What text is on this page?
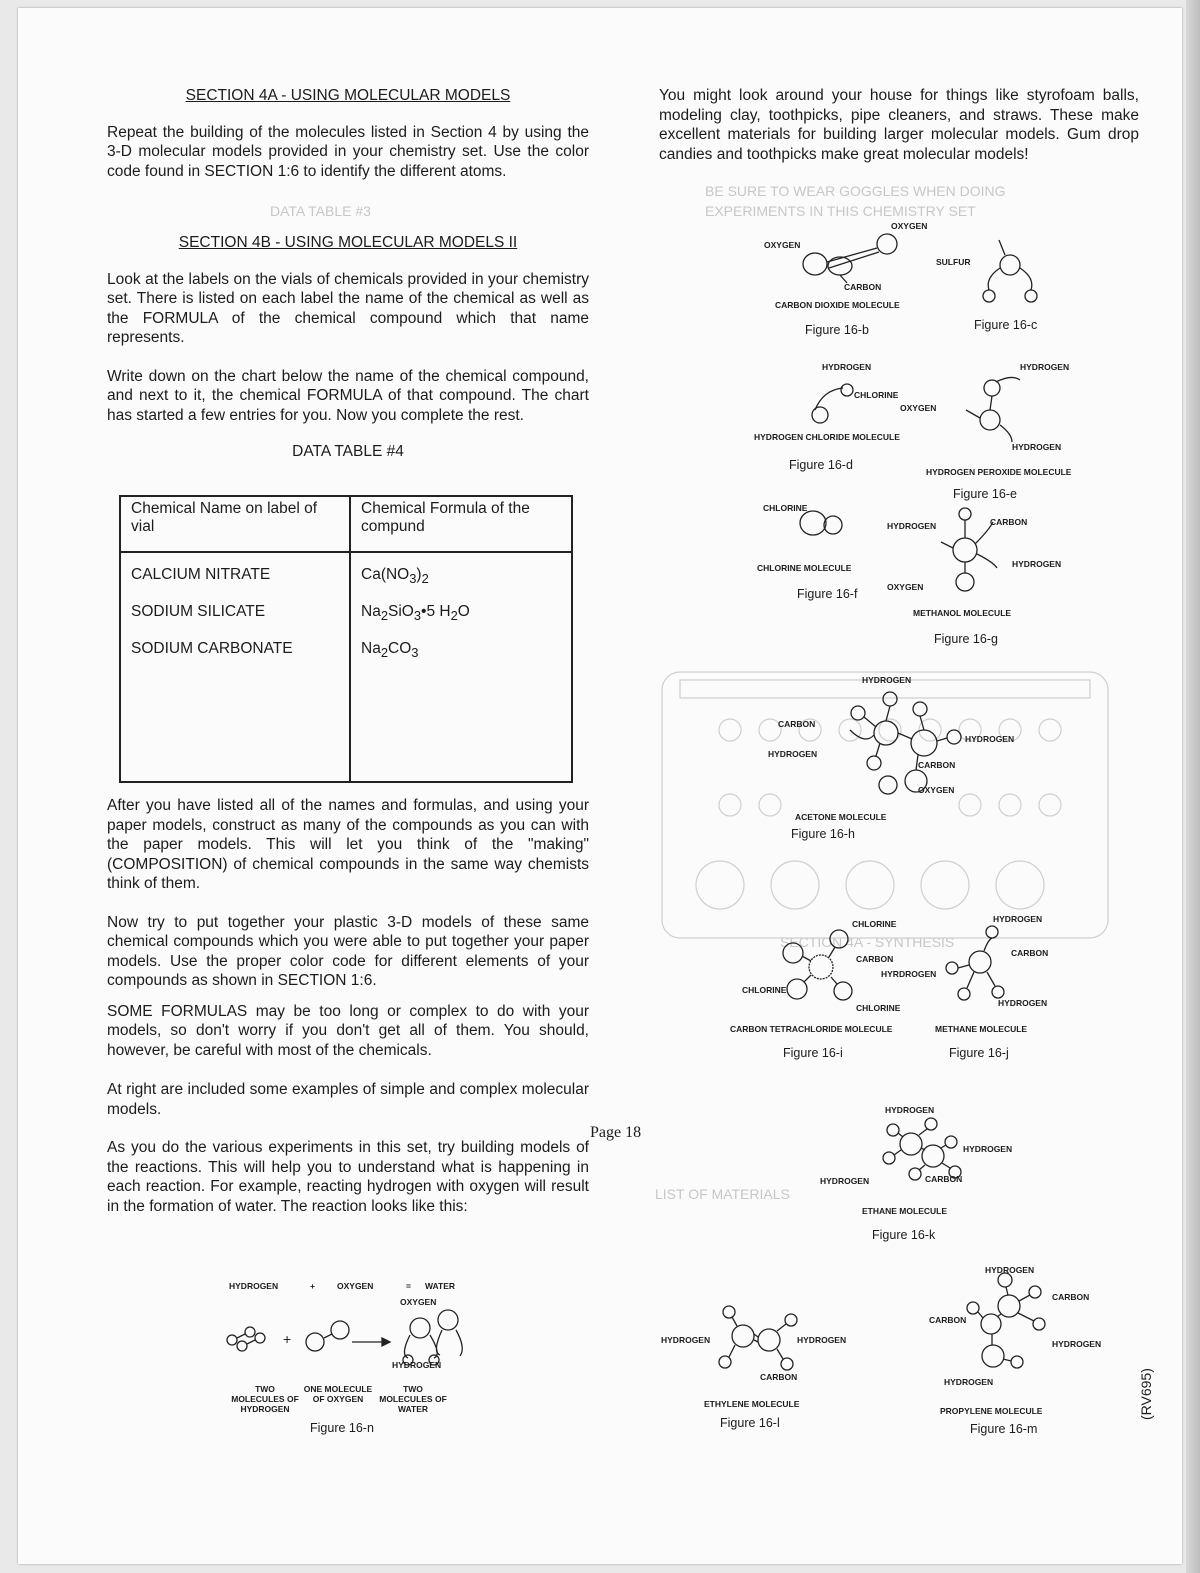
BE SURE TO WEAR GOGGLES WHEN DOING
EXPERIMENTS IN THIS CHEMISTRY SET
DATA TABLE #3
SECTION 4A - SYNTHESIS
LIST OF MATERIALS

SECTION 4A - USING MOLECULAR MODELS

Repeat the building of the molecules listed in Section 4 by using the 3-D molecular models provided in your chemistry set. Use the color code found in SECTION 1:6 to identify the different atoms.

SECTION 4B - USING MOLECULAR MODELS II

Look at the labels on the vials of chemicals provided in your chemistry set. There is listed on each label the name of the chemical as well as the FORMULA of the chemical compound which that name represents.

Write down on the chart below the name of the chemical compound, and next to it, the chemical FORMULA of that compound. The chart has started a few entries for you. Now you complete the rest.

DATA TABLE #4

Chemical Name on label of vial	Chemical Formula of the compund
CALCIUM NITRATE	$Ca(NO_3)_2$
SODIUM SILICATE	$Na_2SiO_3•5$ $H_2O$
SODIUM CARBONATE	$Na_2CO_3$

After you have listed all of the names and formulas, and using your paper models, construct as many of the compounds as you can with the paper models. This will let you think of the "making" (COMPOSITION) of chemical compounds in the same way chemists think of them.

Now try to put together your plastic 3-D models of these same chemical compounds which you were able to put together your paper models. Use the proper color code for different elements of your compounds as shown in SECTION 1:6.

SOME FORMULAS may be too long or complex to do with your models, so don't worry if you don't get all of them. You should, however, be careful with most of the chemicals.

At right are included some examples of simple and complex molecular models.

As you do the various experiments in this set, try building models of the reactions. This will help you to understand what is happening in each reaction. For example, reacting hydrogen with oxygen will result in the formation of water. The reaction looks like this:

HYDROGEN	+	OXYGEN	= WATER
OXYGEN
HYDROGEN
+
TWO MOLECULES OF HYDROGEN
ONE MOLECULE OF OXYGEN
TWO MOLECULES OF WATER
Figure 16-n
You might look around your house for things like styrofoam balls, modeling clay, toothpicks, pipe cleaners, and straws. These make excellent materials for building larger molecular models. Gum drop candies and toothpicks make great molecular models!
OXYGEN
OXYGEN
CARBON
CARBON DIOXIDE MOLECULE
Figure 16-b
SULFUR
Figure 16-c
HYDROGEN
CHLORINE
HYDROGEN CHLORIDE MOLECULE
Figure 16-d
HYDROGEN
OXYGEN
HYDROGEN
HYDROGEN PEROXIDE MOLECULE
Figure 16-e
CHLORINE
CHLORINE MOLECULE
Figure 16-f
HYDROGEN	CARBON
HYDROGEN
OXYGEN
METHANOL MOLECULE
Figure 16-g
HYDROGEN
CARBON
HYDROGEN
HYDROGEN
CARBON
OXYGEN
ACETONE MOLECULE
Figure 16-h
CHLORINE
CARBON
CHLORINE
CHLORINE
CARBON TETRACHLORIDE MOLECULE
Figure 16-i
HYDROGEN
CARBON
HYRDROGEN
HYDROGEN
METHANE MOLECULE
Figure 16-j
HYDROGEN
HYDROGEN
HYDROGEN	CARBON
ETHANE MOLECULE
Figure 16-k
HYDROGEN	HYDROGEN
CARBON
ETHYLENE MOLECULE
Figure 16-l
HYDROGEN
CARBON
CARBON
HYDROGEN
HYDROGEN
PROPYLENE MOLECULE
Figure 16-m
Page 18
(RV695)
